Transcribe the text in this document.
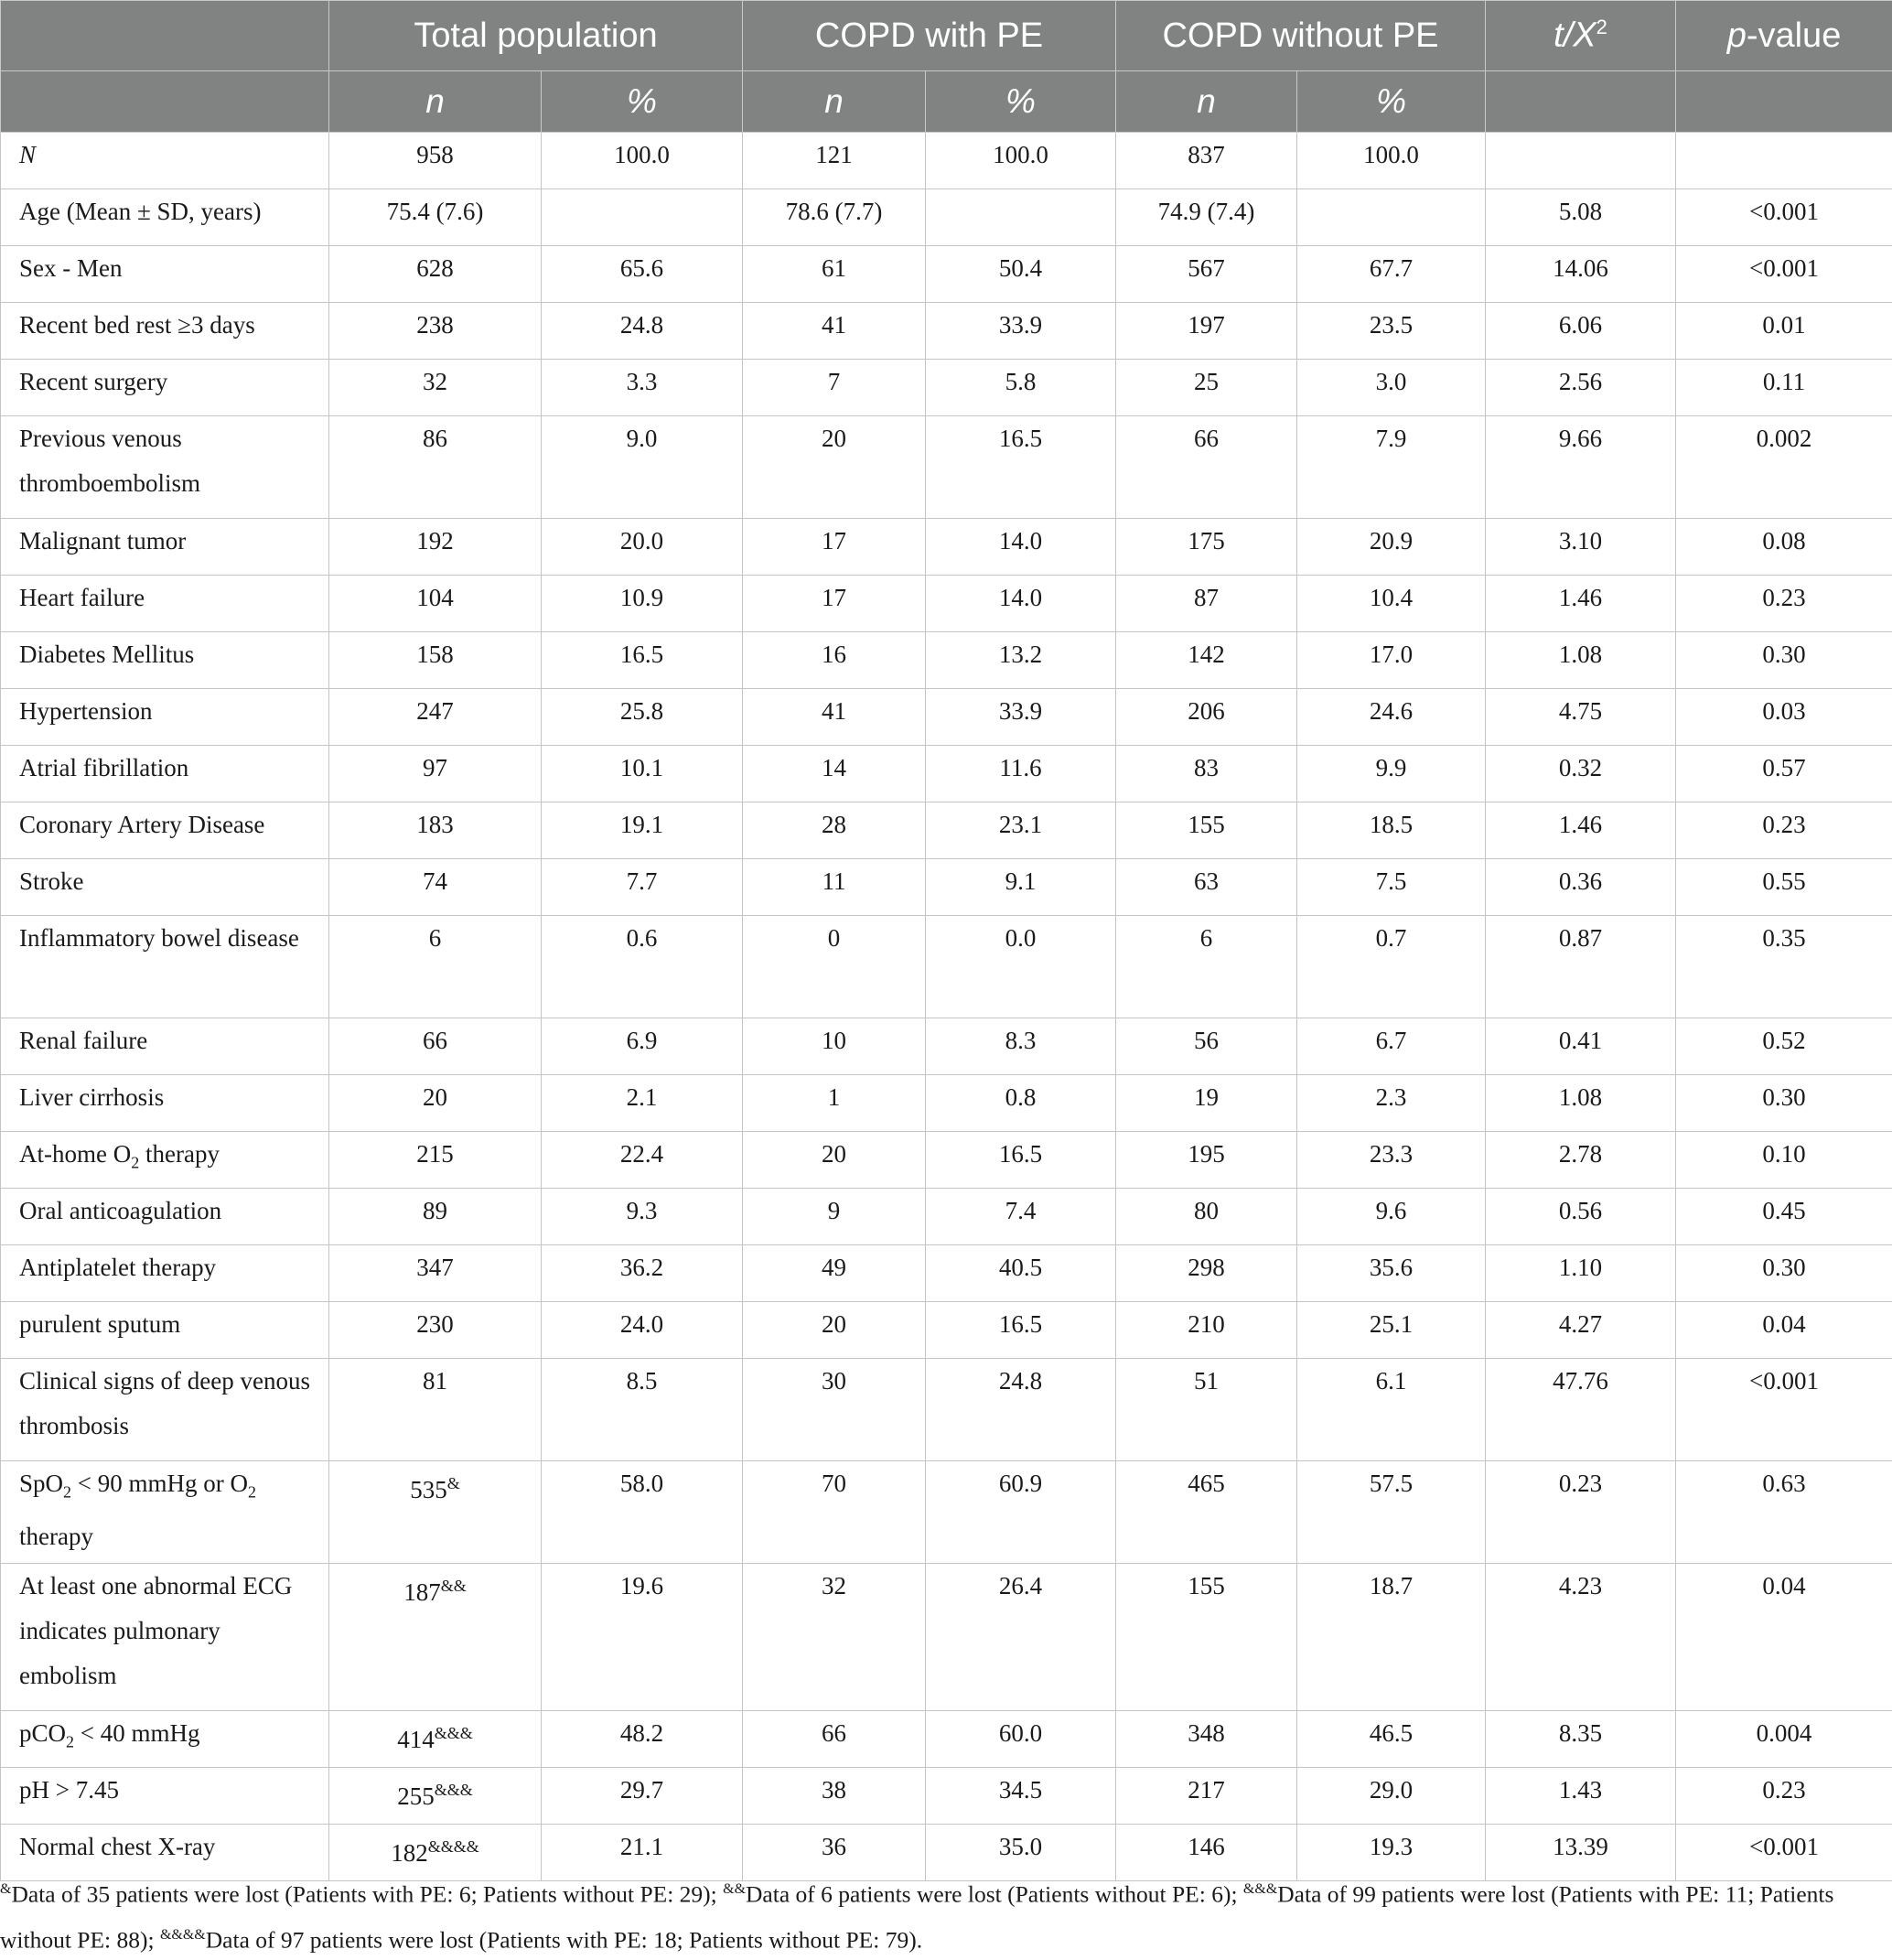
	Total population		COPD with PE		COPD without PE		$t/X^2$	p-value
	n	%	n	%	n	%		
N	958	100.0	121	100.0	837	100.0		
Age (Mean ± SD, years)	75.4 (7.6)		78.6 (7.7)		74.9 (7.4)		5.08	<0.001
Sex - Men	628	65.6	61	50.4	567	67.7	14.06	<0.001
Recent bed rest ≥3 days	238	24.8	41	33.9	197	23.5	6.06	0.01
Recent surgery	32	3.3	7	5.8	25	3.0	2.56	0.11
Previous venous thromboembolism	86	9.0	20	16.5	66	7.9	9.66	0.002
Malignant tumor	192	20.0	17	14.0	175	20.9	3.10	0.08
Heart failure	104	10.9	17	14.0	87	10.4	1.46	0.23
Diabetes Mellitus	158	16.5	16	13.2	142	17.0	1.08	0.30
Hypertension	247	25.8	41	33.9	206	24.6	4.75	0.03
Atrial fibrillation	97	10.1	14	11.6	83	9.9	0.32	0.57
Coronary Artery Disease	183	19.1	28	23.1	155	18.5	1.46	0.23
Stroke	74	7.7	11	9.1	63	7.5	0.36	0.55
Inflammatory bowel disease	6	0.6	0	0.0	6	0.7	0.87	0.35
Renal failure	66	6.9	10	8.3	56	6.7	0.41	0.52
Liver cirrhosis	20	2.1	1	0.8	19	2.3	1.08	0.30
At-home $O_2$ therapy	215	22.4	20	16.5	195	23.3	2.78	0.10
Oral anticoagulation	89	9.3	9	7.4	80	9.6	0.56	0.45
Antiplatelet therapy	347	36.2	49	40.5	298	35.6	1.10	0.30
purulent sputum	230	24.0	20	16.5	210	25.1	4.27	0.04
Clinical signs of deep venous thrombosis	81	8.5	30	24.8	51	6.1	47.76	<0.001
SpO$_2$ < 90 mmHg or $O_2$ therapy	535&	58.0	70	60.9	465	57.5	0.23	0.63
At least one abnormal ECG indicates pulmonary embolism	187&&	19.6	32	26.4	155	18.7	4.23	0.04
pCO$_2$ < 40 mmHg	414&&&	48.2	66	60.0	348	46.5	8.35	0.004
pH > 7.45	255&&&	29.7	38	34.5	217	29.0	1.43	0.23
Normal chest X-ray	182&&&&	21.1	36	35.0	146	19.3	13.39	<0.001
&Data of 35 patients were lost (Patients with PE: 6; Patients without PE: 29); &&Data of 6 patients were lost (Patients without PE: 6); &&&Data of 99 patients were lost (Patients with PE: 11; Patients without PE: 88); &&&&Data of 97 patients were lost (Patients with PE: 18; Patients without PE: 79).
